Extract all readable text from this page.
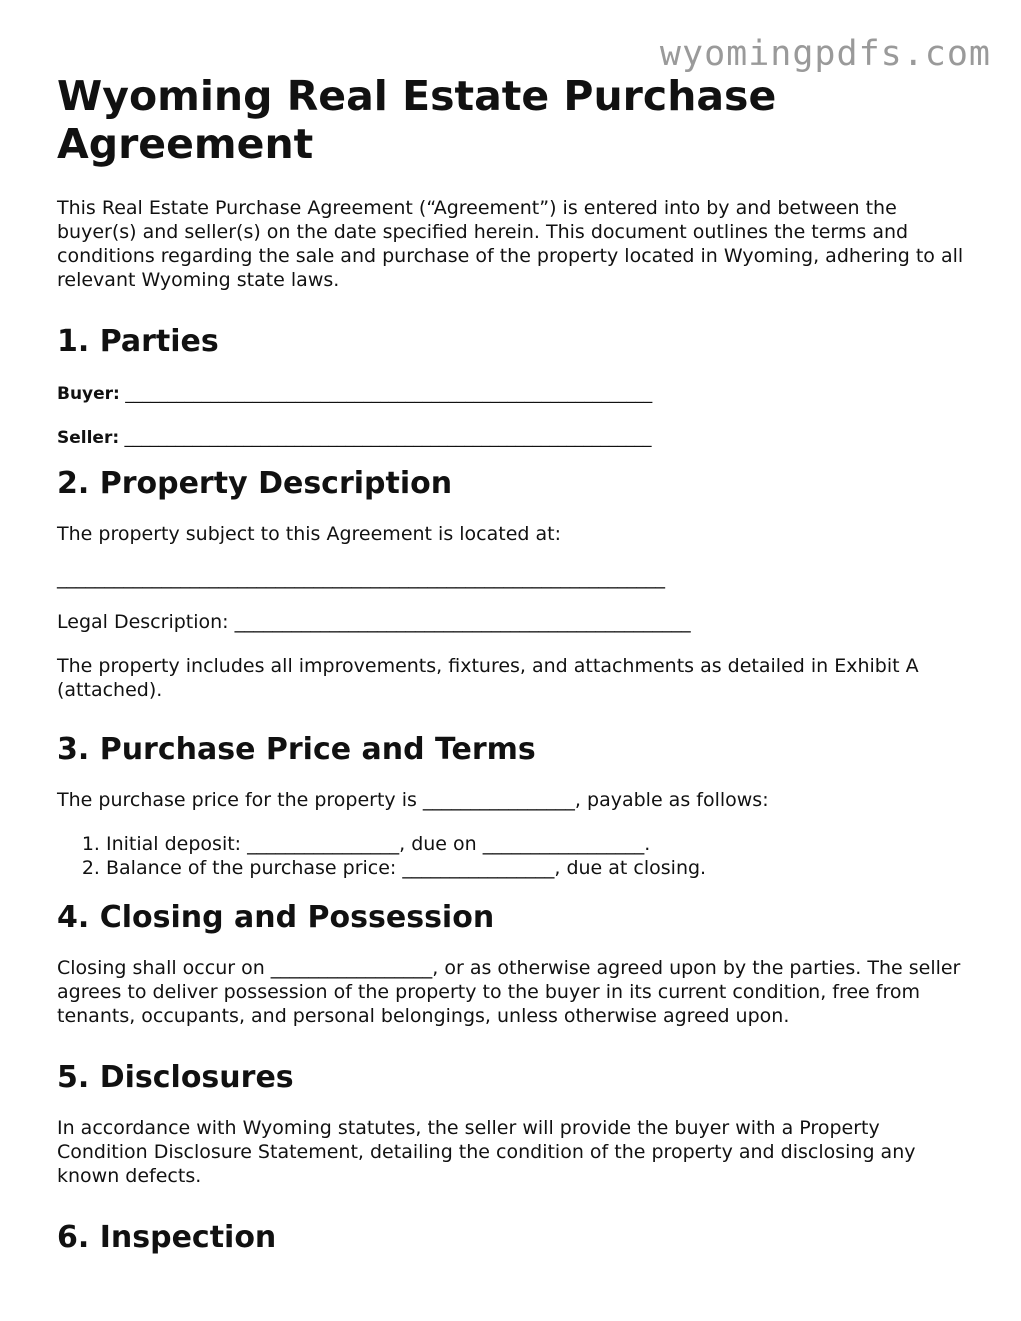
wyomingpdfs.com
Wyoming Real Estate Purchase Agreement

This Real Estate Purchase Agreement (“Agreement”) is entered into by and between the buyer(s) and seller(s) on the date specified herein. This document outlines the terms and conditions regarding the sale and purchase of the property located in Wyoming, adhering to all relevant Wyoming state laws.

1. Parties
Buyer: ______________________________________________________________
Seller: ______________________________________________________________
2. Property Description

The property subject to this Agreement is located at:

________________________________________________________________

Legal Description: ________________________________________________

The property includes all improvements, fixtures, and attachments as detailed in Exhibit A (attached).

3. Purchase Price and Terms

The purchase price for the property is ________________, payable as follows:

1. Initial deposit: ________________, due on _________________.
2. Balance of the purchase price: ________________, due at closing.
4. Closing and Possession

Closing shall occur on _________________, or as otherwise agreed upon by the parties. The seller agrees to deliver possession of the property to the buyer in its current condition, free from tenants, occupants, and personal belongings, unless otherwise agreed upon.

5. Disclosures

In accordance with Wyoming statutes, the seller will provide the buyer with a Property Condition Disclosure Statement, detailing the condition of the property and disclosing any known defects.

6. Inspection
